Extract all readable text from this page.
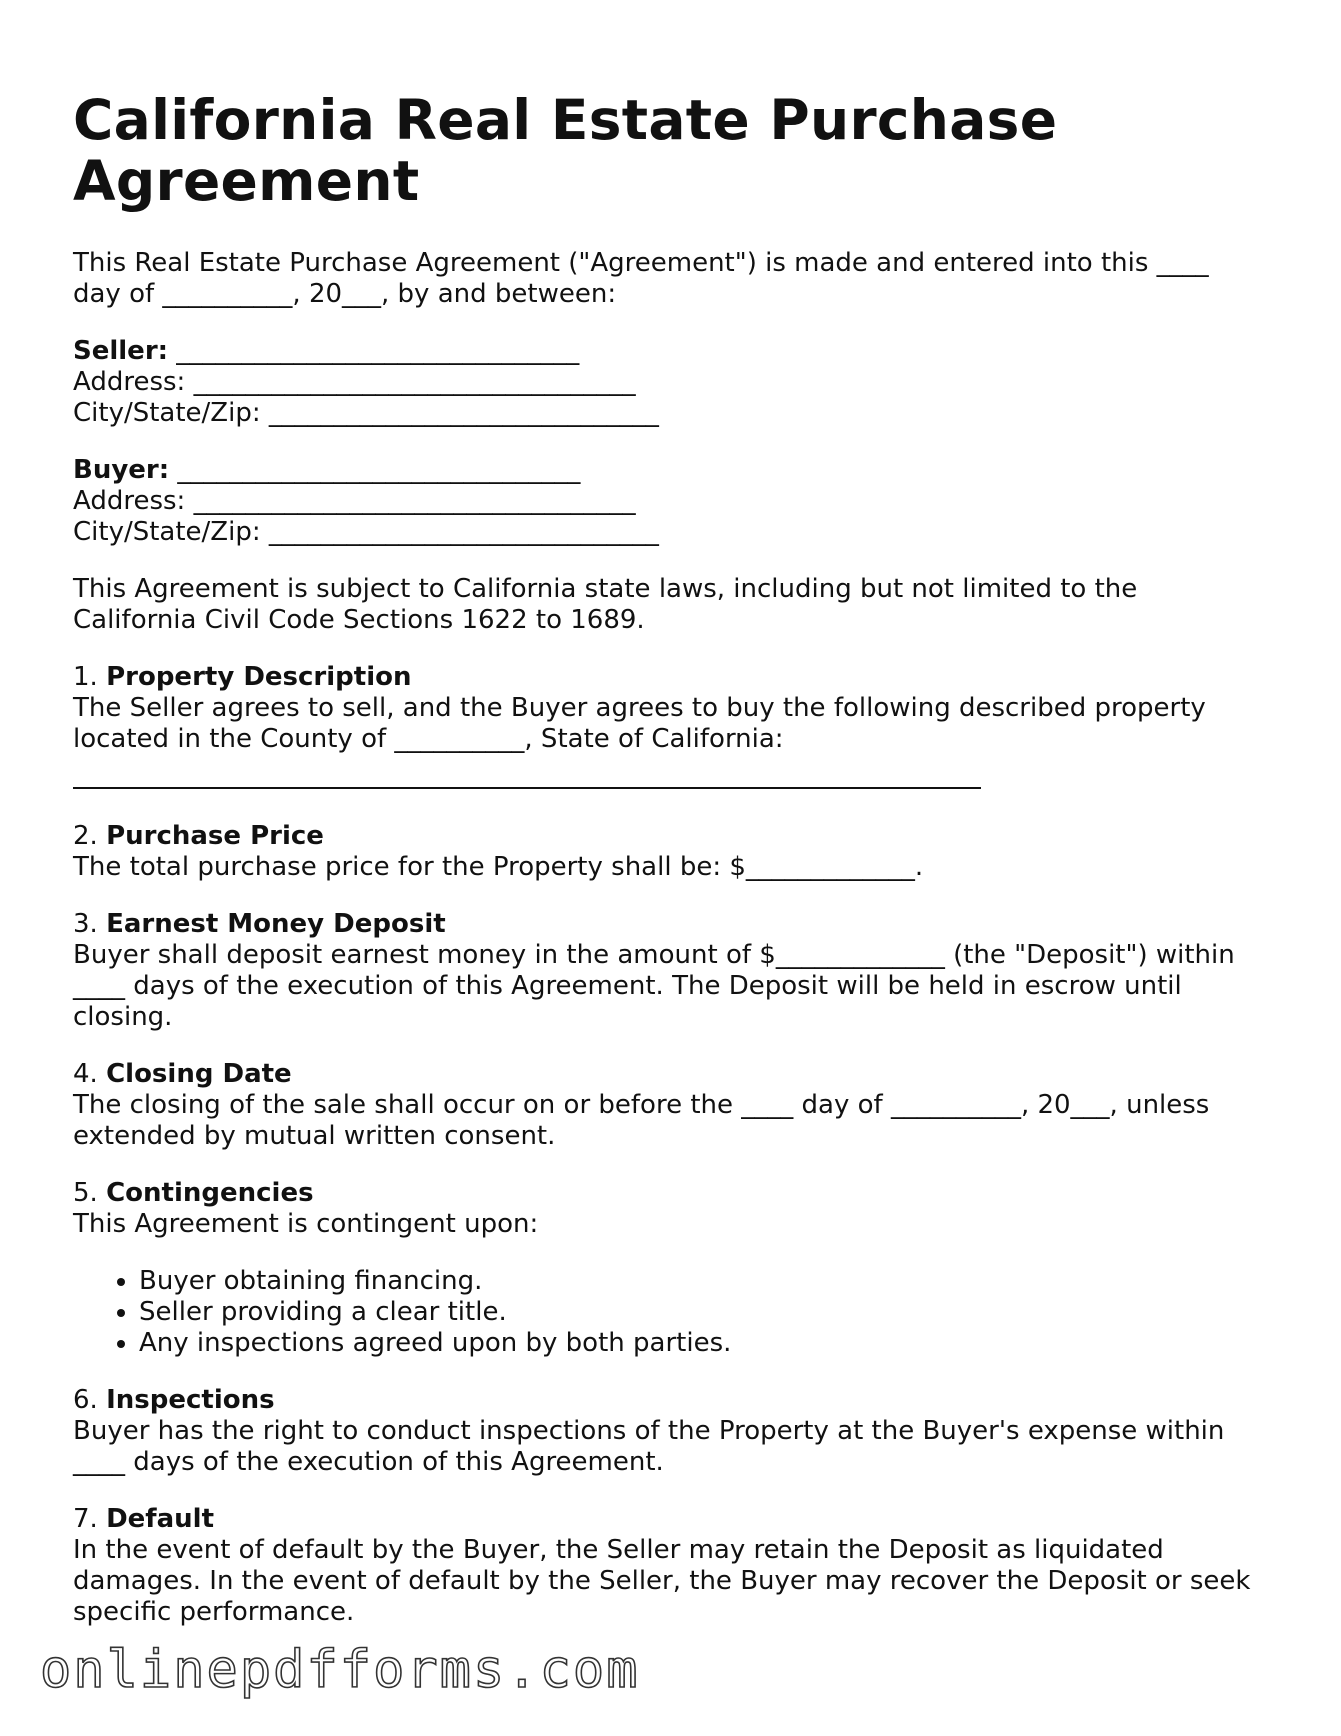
California Real Estate Purchase Agreement

This Real Estate Purchase Agreement ("Agreement") is made and entered into this ____

day of __________, 20___, by and between:

Seller: _______________________________

Address: __________________________________

City/State/Zip: ______________________________

Buyer: _______________________________

Address: __________________________________

City/State/Zip: ______________________________

This Agreement is subject to California state laws, including but not limited to the

California Civil Code Sections 1622 to 1689.

1. Property Description

The Seller agrees to sell, and the Buyer agrees to buy the following described property

located in the County of __________, State of California:

2. Purchase Price

The total purchase price for the Property shall be: $_____________.

3. Earnest Money Deposit

Buyer shall deposit earnest money in the amount of $_____________ (the "Deposit") within

____ days of the execution of this Agreement. The Deposit will be held in escrow until

closing.

4. Closing Date

The closing of the sale shall occur on or before the ____ day of __________, 20___, unless

extended by mutual written consent.

5. Contingencies

This Agreement is contingent upon:

• Buyer obtaining financing.
• Seller providing a clear title.
• Any inspections agreed upon by both parties.

6. Inspections

Buyer has the right to conduct inspections of the Property at the Buyer's expense within

____ days of the execution of this Agreement.

7. Default

In the event of default by the Buyer, the Seller may retain the Deposit as liquidated

damages. In the event of default by the Seller, the Buyer may recover the Deposit or seek

specific performance.

onlinepdfforms.com
